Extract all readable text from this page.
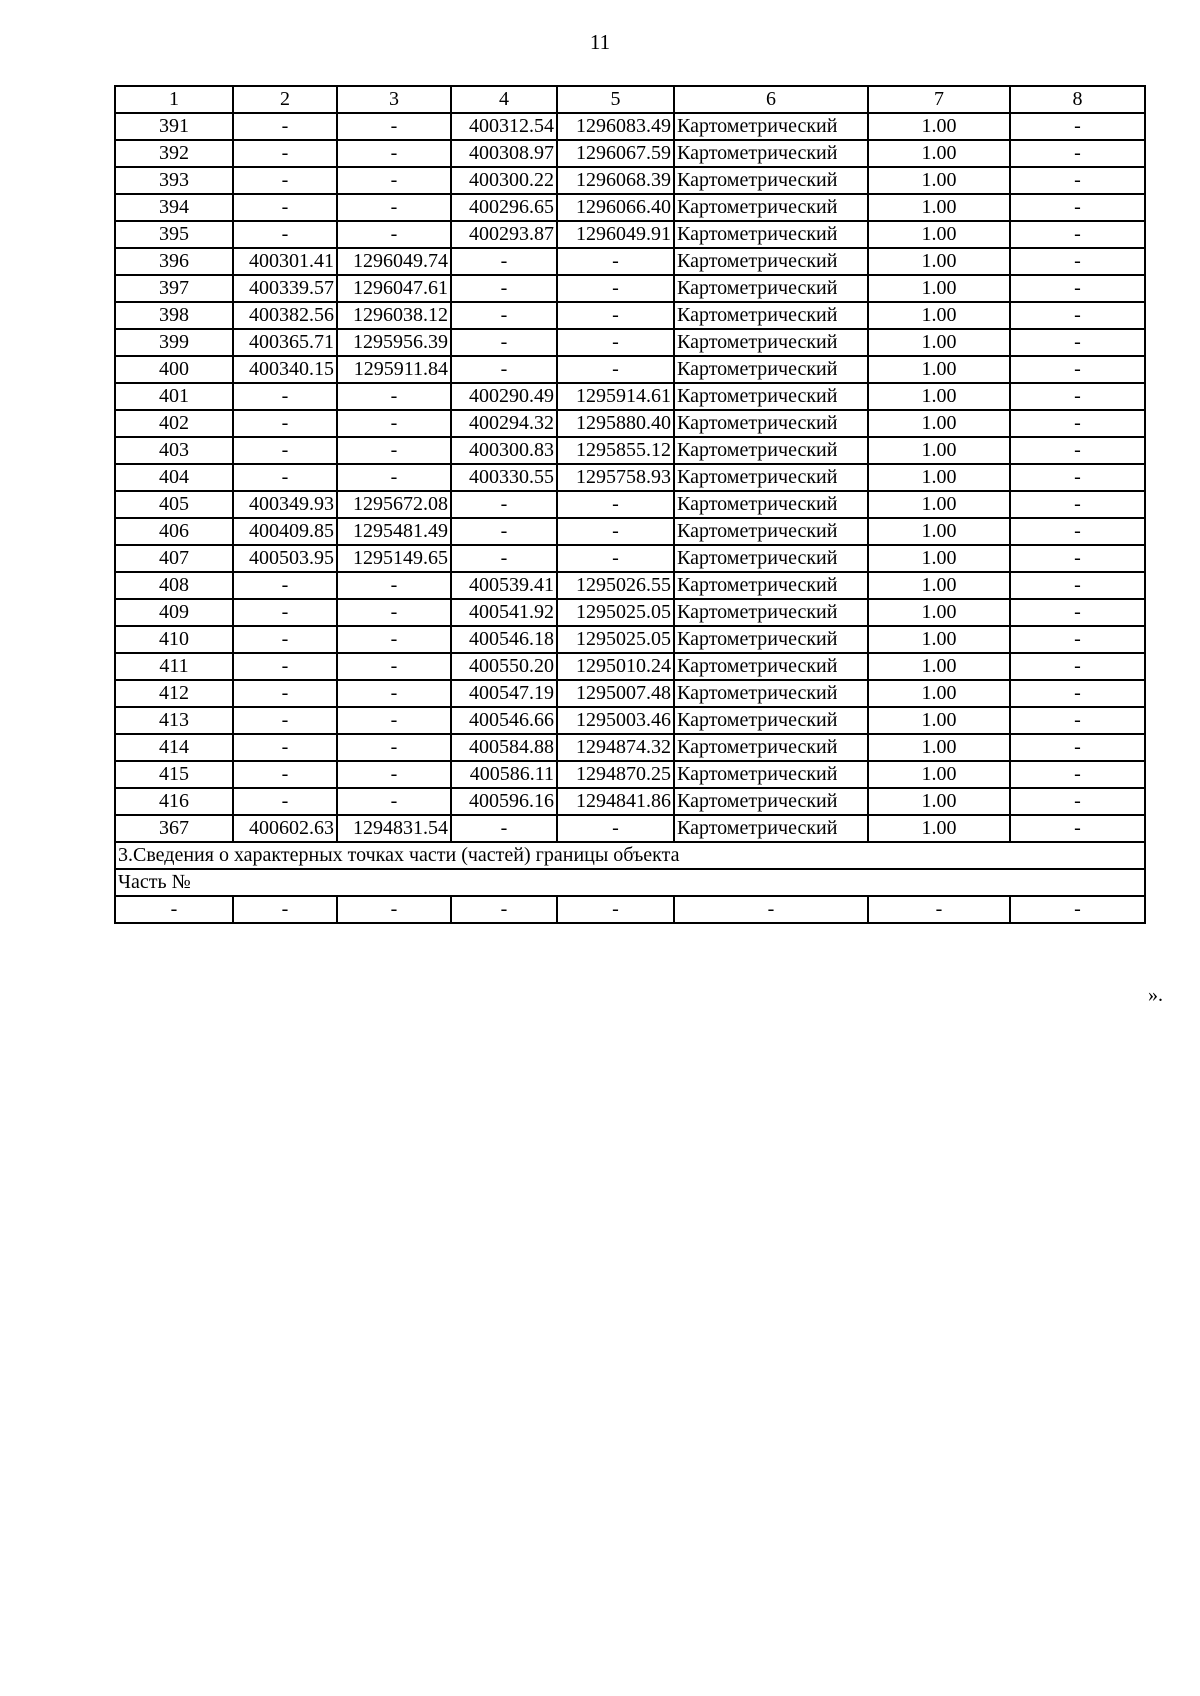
11
1	2	3	4	5	6	7	8
391	-	-	400312.54	1296083.49	Картометрический	1.00	-
392	-	-	400308.97	1296067.59	Картометрический	1.00	-
393	-	-	400300.22	1296068.39	Картометрический	1.00	-
394	-	-	400296.65	1296066.40	Картометрический	1.00	-
395	-	-	400293.87	1296049.91	Картометрический	1.00	-
396	400301.41	1296049.74	-	-	Картометрический	1.00	-
397	400339.57	1296047.61	-	-	Картометрический	1.00	-
398	400382.56	1296038.12	-	-	Картометрический	1.00	-
399	400365.71	1295956.39	-	-	Картометрический	1.00	-
400	400340.15	1295911.84	-	-	Картометрический	1.00	-
401	-	-	400290.49	1295914.61	Картометрический	1.00	-
402	-	-	400294.32	1295880.40	Картометрический	1.00	-
403	-	-	400300.83	1295855.12	Картометрический	1.00	-
404	-	-	400330.55	1295758.93	Картометрический	1.00	-
405	400349.93	1295672.08	-	-	Картометрический	1.00	-
406	400409.85	1295481.49	-	-	Картометрический	1.00	-
407	400503.95	1295149.65	-	-	Картометрический	1.00	-
408	-	-	400539.41	1295026.55	Картометрический	1.00	-
409	-	-	400541.92	1295025.05	Картометрический	1.00	-
410	-	-	400546.18	1295025.05	Картометрический	1.00	-
411	-	-	400550.20	1295010.24	Картометрический	1.00	-
412	-	-	400547.19	1295007.48	Картометрический	1.00	-
413	-	-	400546.66	1295003.46	Картометрический	1.00	-
414	-	-	400584.88	1294874.32	Картометрический	1.00	-
415	-	-	400586.11	1294870.25	Картометрический	1.00	-
416	-	-	400596.16	1294841.86	Картометрический	1.00	-
367	400602.63	1294831.54	-	-	Картометрический	1.00	-
3.Сведения о характерных точках части (частей) границы объекта							
Часть №							
-	-	-	-	-	-	-	-
».
